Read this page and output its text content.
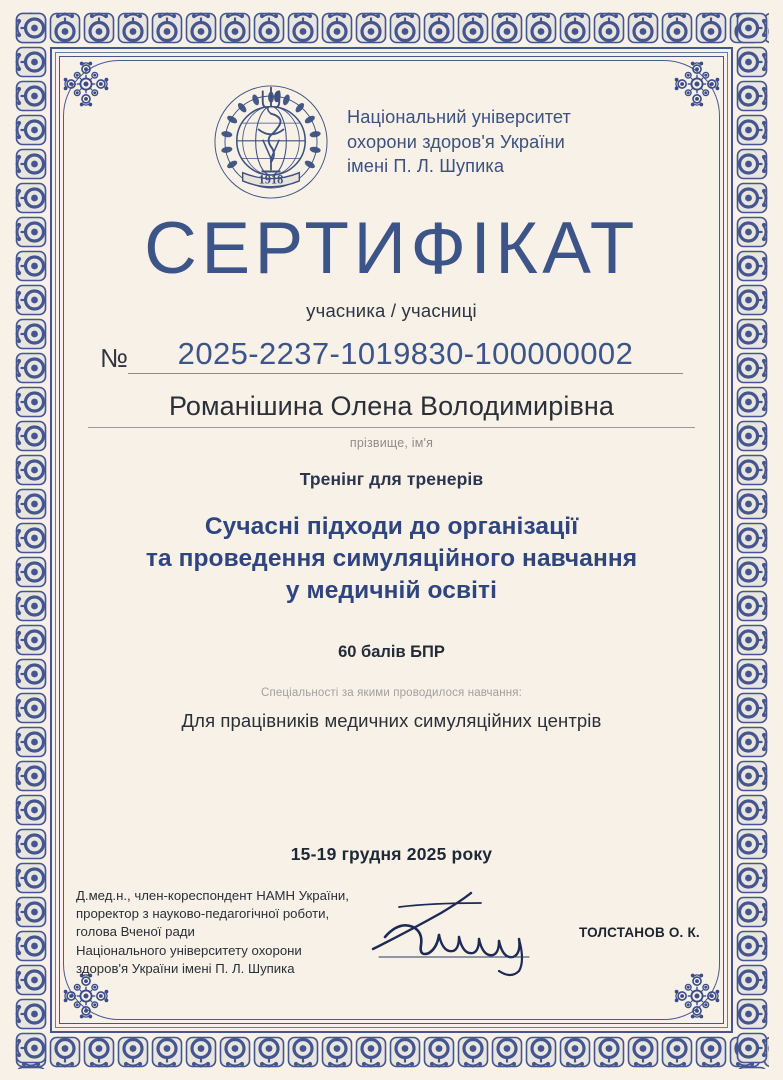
1918
Національний університет
охорони здоров'я України
імені П. Л. Шупика
СЕРТИФІКАТ
учасника / учасниці
№	2025-2237-1019830-100000002
Романішина Олена Володимирівна
прізвище, ім'я
Тренінг для тренерів
Сучасні підходи до організації
та проведення симуляційного навчання
у медичній освіті
60 балів БПР
Спеціальності за якими проводилося навчання:
Для працівників медичних симуляційних центрів
15-19 грудня 2025 року
Д.мед.н., член-кореспондент НАМН України,
проректор з науково-педагогічної роботи,
голова Вченої ради
Національного університету охорони
здоров'я України імені П. Л. Шупика
ТОЛСТАНОВ О. К.
